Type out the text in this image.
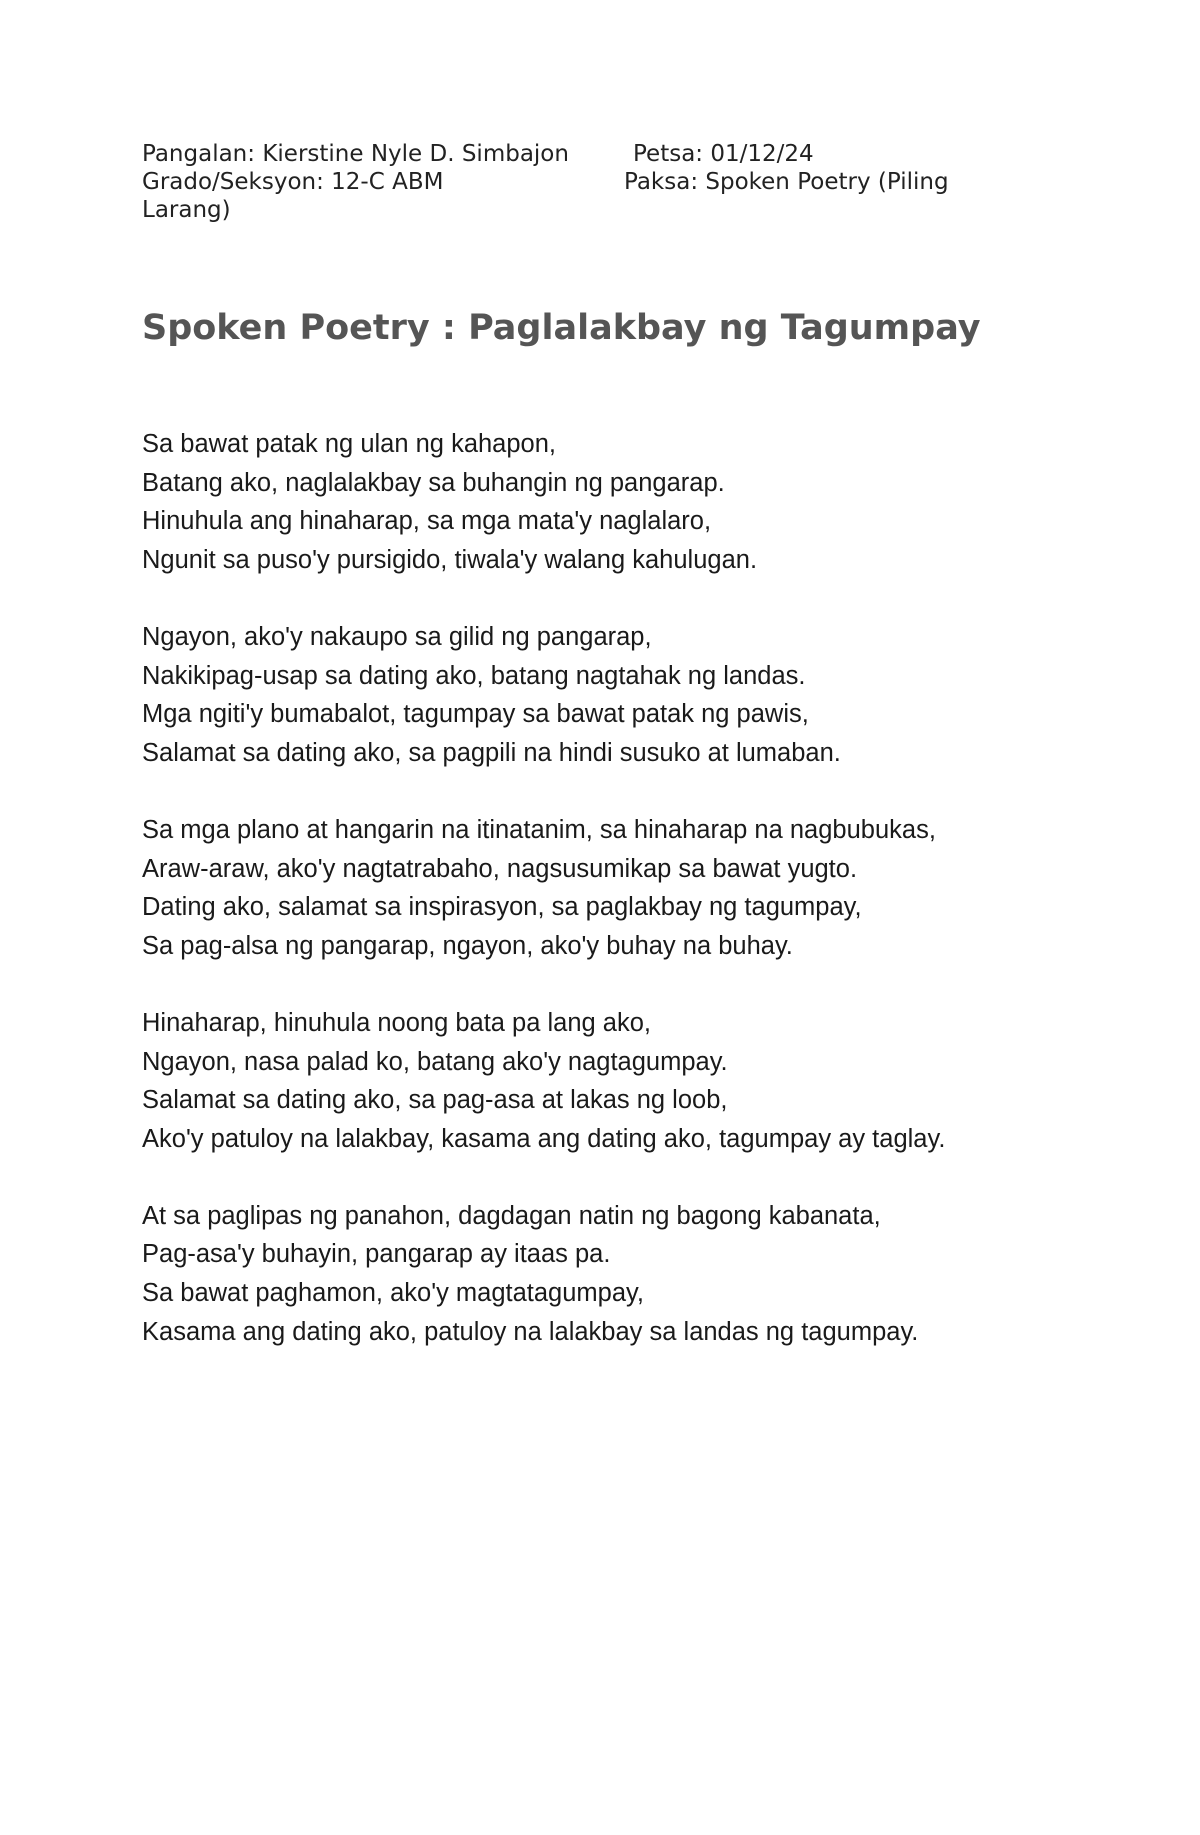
Pangalan: Kierstine Nyle D. Simbajon	Petsa: 01/12/24
Grado/Seksyon: 12-C ABM	Paksa: Spoken Poetry (Piling
Larang)
Spoken Poetry : Paglalakbay ng Tagumpay
Sa bawat patak ng ulan ng kahapon,
Batang ako, naglalakbay sa buhangin ng pangarap.
Hinuhula ang hinaharap, sa mga mata'y naglalaro,
Ngunit sa puso'y pursigido, tiwala'y walang kahulugan.
Ngayon, ako'y nakaupo sa gilid ng pangarap,
Nakikipag-usap sa dating ako, batang nagtahak ng landas.
Mga ngiti'y bumabalot, tagumpay sa bawat patak ng pawis,
Salamat sa dating ako, sa pagpili na hindi susuko at lumaban.
Sa mga plano at hangarin na itinatanim, sa hinaharap na nagbubukas,
Araw-araw, ako'y nagtatrabaho, nagsusumikap sa bawat yugto.
Dating ako, salamat sa inspirasyon, sa paglakbay ng tagumpay,
Sa pag-alsa ng pangarap, ngayon, ako'y buhay na buhay.
Hinaharap, hinuhula noong bata pa lang ako,
Ngayon, nasa palad ko, batang ako'y nagtagumpay.
Salamat sa dating ako, sa pag-asa at lakas ng loob,
Ako'y patuloy na lalakbay, kasama ang dating ako, tagumpay ay taglay.
At sa paglipas ng panahon, dagdagan natin ng bagong kabanata,
Pag-asa'y buhayin, pangarap ay itaas pa.
Sa bawat paghamon, ako'y magtatagumpay,
Kasama ang dating ako, patuloy na lalakbay sa landas ng tagumpay.
